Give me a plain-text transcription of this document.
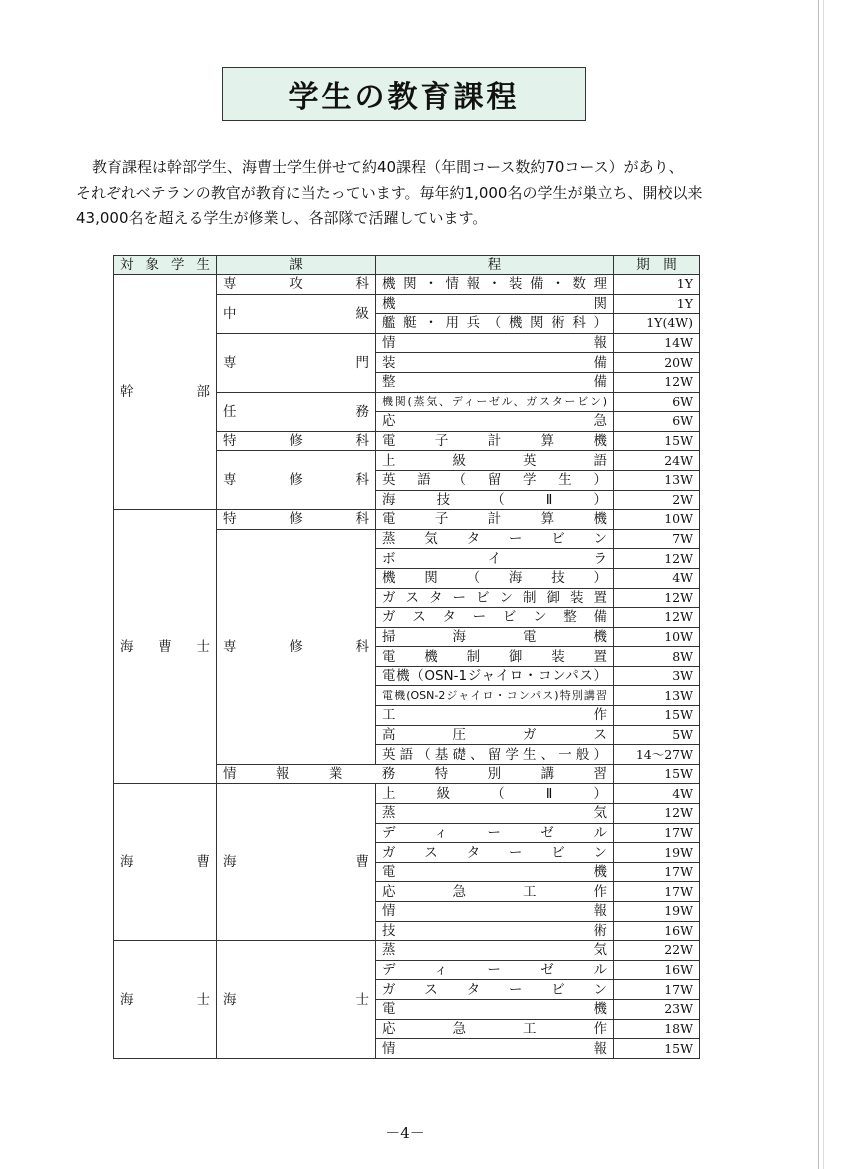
学生の教育課程
教育課程は幹部学生、海曹士学生併せて約40課程（年間コース数約70コース）があり、
それぞれベテランの教官が教育に当たっています。毎年約1,000名の学生が巣立ち、開校以来
43,000名を超える学生が修業し、各部隊で活躍しています。
対象学生	課	程	期　間
幹部	専攻科	機関・情報・装備・数理	1Y
	中級	機関	1Y
		艦艇・用兵（機関術科）	1Y(4W)
	専門	情報	14W
		装備	20W
		整備	12W
	任務	機関(蒸気、ディーゼル、ガスタービン)	6W
		応急	6W
	特修科	電子計算機	15W
	専修科	上級英語	24W
		英語（留学生）	13W
		海技（Ⅱ）	2W
海曹士	特修科	電子計算機	10W
	専修科	蒸気タービン	7W
		ボイラ	12W
		機関（海技）	4W
		ガスタービン制御装置	12W
		ガスタービン整備	12W
		掃海電機	10W
		電機制御装置	8W
		電機（OSN-1ジャイロ・コンパス）	3W
		電機(OSN-2ジャイロ・コンパス)特別講習	13W
		工作	15W
		高圧ガス	5W
		英語（基礎、留学生、一般）	14～27W
	情報業務特別講習		15W
海曹	海曹	上級（Ⅱ）	4W
		蒸気	12W
		ディーゼル	17W
		ガスタービン	19W
		電機	17W
		応急工作	17W
		情報	19W
		技術	16W
海士	海士	蒸気	22W
		ディーゼル	16W
		ガスタービン	17W
		電機	23W
		応急工作	18W
		情報	15W
－4－
